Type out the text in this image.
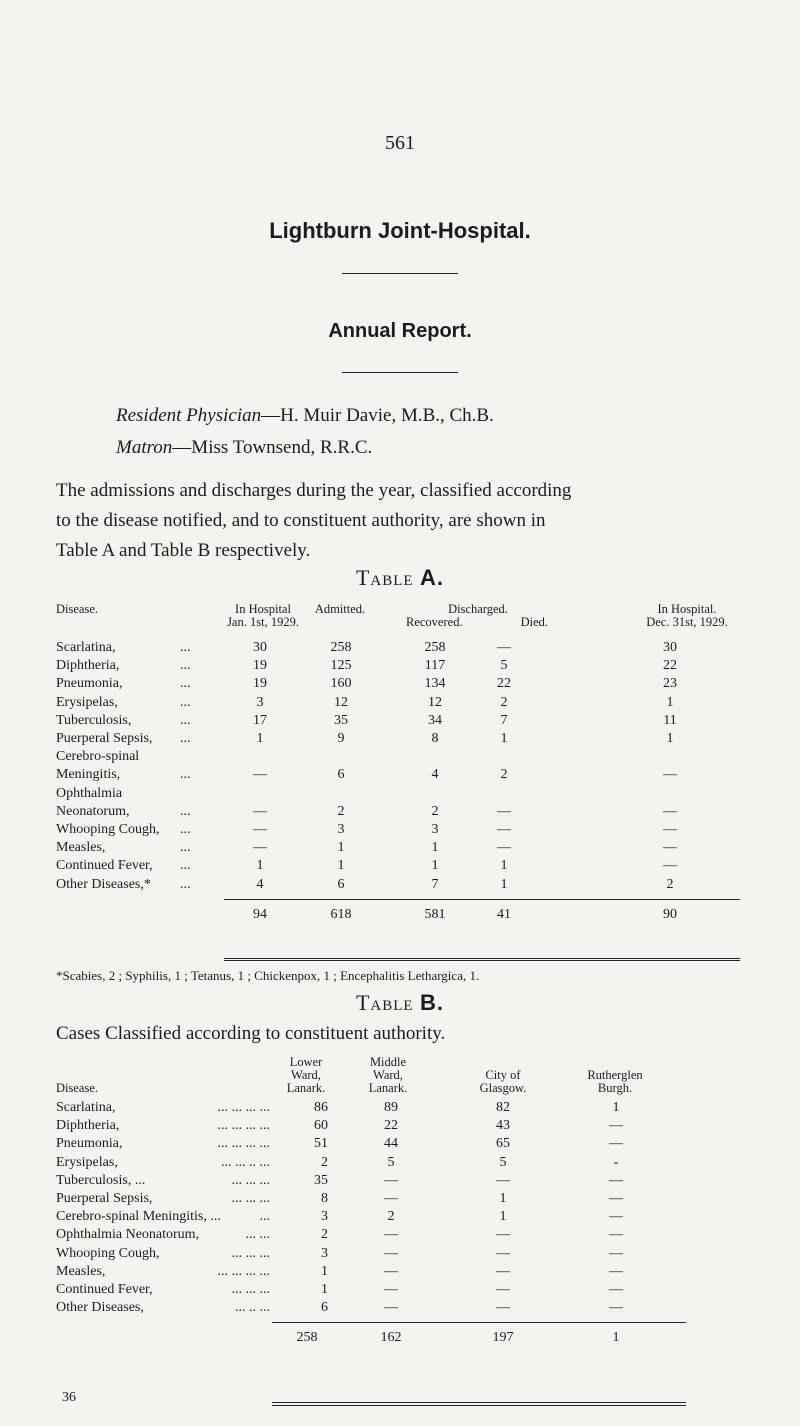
561
Lightburn Joint-Hospital.
Annual Report.
Resident Physician—H. Muir Davie, M.B., Ch.B.
Matron—Miss Townsend, R.R.C.
The admissions and discharges during the year, classified according
to the disease notified, and to constituent authority, are shown in
Table A and Table B respectively.
Table A.
Disease.	In Hospital
Jan. 1st, 1929.
Admitted.	Discharged.
Recovered.	Died.
In Hospital.
Dec. 31st, 1929.
Scarlatina,	...	30	258	258	—	30
Diphtheria,	...	19	125	117	5	22
Pneumonia,	...	19	160	134	22	23
Erysipelas,	...	3	12	12	2	1
Tuberculosis,	...	17	35	34	7	11
Puerperal Sepsis, ...	1	9	8	1	1
Cerebro-spinal
Meningitis,	...	—	6	4	2	—
Ophthalmia
Neonatorum,	...	—	2	2	—	—
Whooping Cough, ...	—	3	3	—	—
Measles,	...	—	1	1	—	—
Continued Fever, ...	1	1	1	1	—
Other Diseases,* ...	4	6	7	1	2
94	618	581	41	90
*Scabies, 2 ; Syphilis, 1 ; Tetanus, 1 ; Chickenpox, 1 ; Encephalitis Lethargica, 1.
Table B.
Cases Classified according to constituent authority.
Disease.
Lower
Ward,
Lanark.
Middle
Ward,
Lanark.
City of
Glasgow.
Rutherglen
Burgh.
Scarlatina,	... ... ... ...	86	89	82	1
Diphtheria,	... ... ... ...	60	22	43	—
Pneumonia,	... ... ... ...	51	44	65	—
Erysipelas,	... .. ... ...	2	5	5	-
Tuberculosis, ...	... ... ...	35	—	—	—
Puerperal Sepsis,	... ... ...	8	—	1	—
Cerebro-spinal Meningitis, ...	...	3	2	1	—
Ophthalmia Neonatorum,	... ...	2	—	—	—
Whooping Cough,	... ... ...	3	—	—	—
Measles,	... ... ... ...	1	—	—	—
Continued Fever,	... ... ...	1	—	—	—
Other Diseases,	... .. ...	6	—	—	—
258	162	197	1
36
